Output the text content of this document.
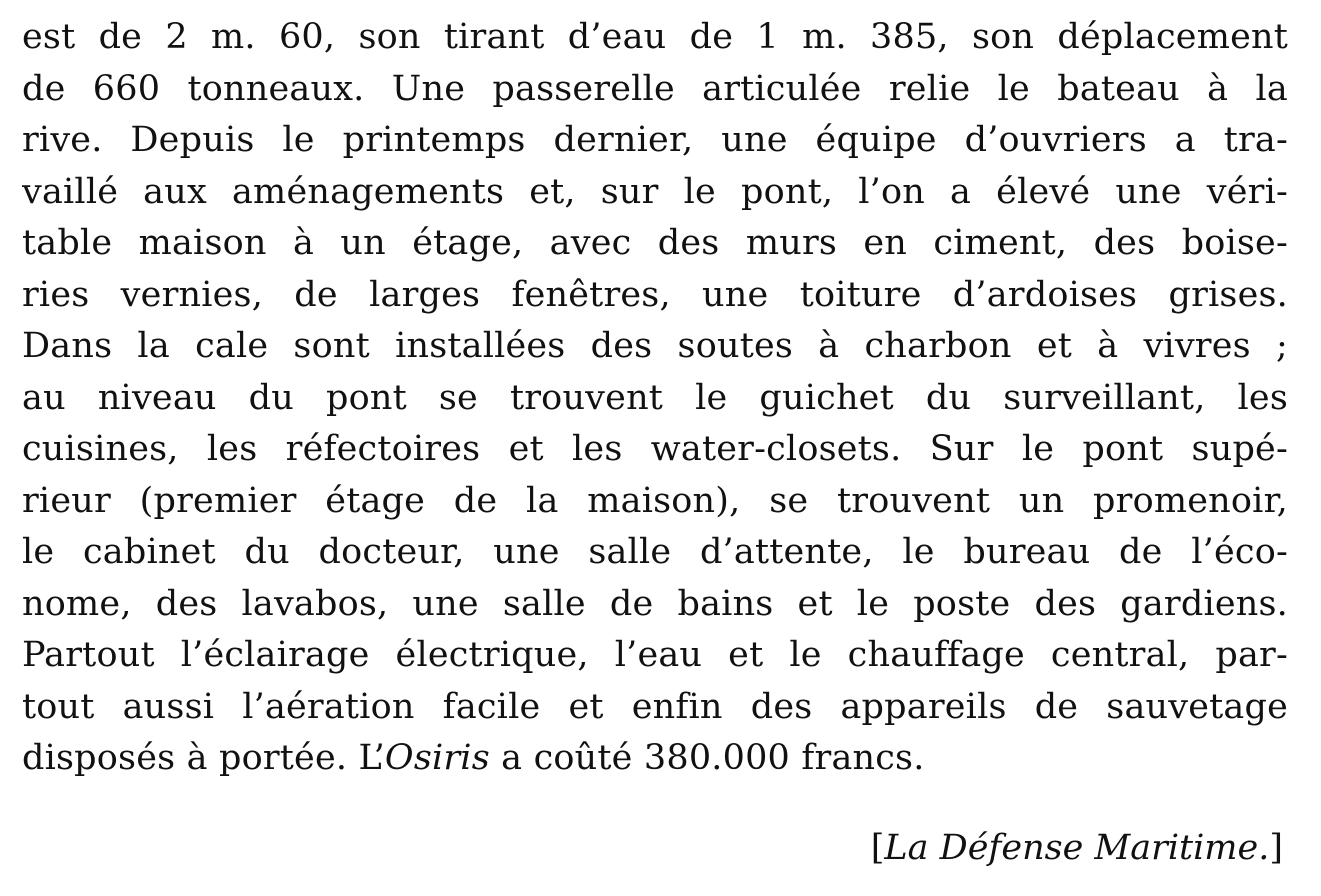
est de 2 m. 60, son tirant d’eau de 1 m. 385, son déplacement
de 660 tonneaux. Une passerelle articulée relie le bateau à la
rive. Depuis le printemps dernier, une équipe d’ouvriers a tra-
vaillé aux aménagements et, sur le pont, l’on a élevé une véri-
table maison à un étage, avec des murs en ciment, des boise-
ries vernies, de larges fenêtres, une toiture d’ardoises grises.
Dans la cale sont installées des soutes à charbon et à vivres ;
au niveau du pont se trouvent le guichet du surveillant, les
cuisines, les réfectoires et les water-closets. Sur le pont supé-
rieur (premier étage de la maison), se trouvent un promenoir,
le cabinet du docteur, une salle d’attente, le bureau de l’éco-
nome, des lavabos, une salle de bains et le poste des gardiens.
Partout l’éclairage électrique, l’eau et le chauffage central, par-
tout aussi l’aération facile et enfin des appareils de sauvetage
disposés à portée. L’Osiris a coûté 380.000 francs.
[La Défense Maritime.]
